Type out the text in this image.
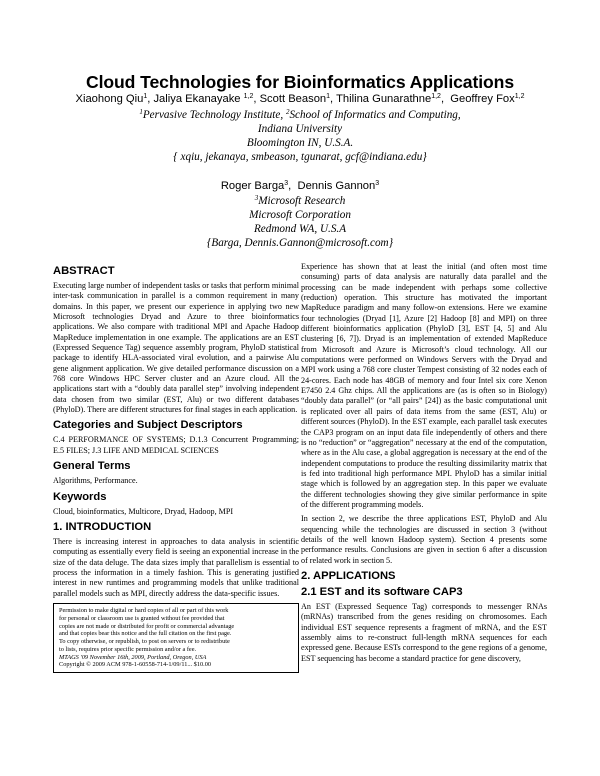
Cloud Technologies for Bioinformatics Applications
Xiaohong Qiu$^1$, Jaliya Ekanayake $^{1,2}$, Scott Beason$^1$, Thilina Gunarathne$^{1,2}$,  Geoffrey Fox$^{1,2}$
$^1$Pervasive Technology Institute, $^2$School of Informatics and Computing,
Indiana University
Bloomington IN, U.S.A.
{ xqiu, jekanaya, smbeason, tgunarat, gcf@indiana.edu}
Roger Barga$^3$,  Dennis Gannon$^3$
$^3$Microsoft Research
Microsoft Corporation
Redmond WA, U.S.A
{Barga, Dennis.Gannon@microsoft.com}
ABSTRACT

Executing large number of independent tasks or tasks that perform minimal inter-task communication in parallel is a common requirement in many domains. In this paper, we present our experience in applying two new Microsoft technologies Dryad and Azure to three bioinformatics applications. We also compare with traditional MPI and Apache Hadoop MapReduce implementation in one example. The applications are an EST (Expressed Sequence Tag) sequence assembly program, PhyloD statistical package to identify HLA-associated viral evolution, and a pairwise Alu gene alignment application. We give detailed performance discussion on a 768 core Windows HPC Server cluster and an Azure cloud. All the applications start with a “doubly data parallel step” involving independent data chosen from two similar (EST, Alu) or two different databases (PhyloD). There are different structures for final stages in each application.

Categories and Subject Descriptors

C.4 PERFORMANCE OF SYSTEMS; D.1.3 Concurrent Programming; E.5 FILES; J.3 LIFE AND MEDICAL SCIENCES

General Terms

Algorithms, Performance.

Keywords

Cloud, bioinformatics, Multicore, Dryad, Hadoop, MPI

1. INTRODUCTION

There is increasing interest in approaches to data analysis in scientific computing as essentially every field is seeing an exponential increase in the size of the data deluge. The data sizes imply that parallelism is essential to process the information in a timely fashion. This is generating justified interest in new runtimes and programming models that unlike traditional parallel models such as MPI, directly address the data-specific issues.

Permission to make digital or hard copies of all or part of this work
for personal or classroom use is granted without fee provided that
copies are not made or distributed for profit or commercial advantage
and that copies bear this notice and the full citation on the first page.
To copy otherwise, or republish, to post on servers or to redistribute
to lists, requires prior specific permission and/or a fee.
MTAGS '09 November 16th, 2009, Portland, Oregon, USA
Copyright © 2009 ACM 978-1-60558-714-1/09/11... $10.00

Experience has shown that at least the initial (and often most time consuming) parts of data analysis are naturally data parallel and the processing can be made independent with perhaps some collective (reduction) operation. This structure has motivated the important MapReduce paradigm and many follow-on extensions. Here we examine four technologies (Dryad [1], Azure [2] Hadoop [8] and MPI) on three different bioinformatics application (PhyloD [3], EST [4, 5] and Alu clustering [6, 7]). Dryad is an implementation of extended MapReduce from Microsoft and Azure is Microsoft’s cloud technology. All our computations were performed on Windows Servers with the Dryad and MPI work using a 768 core cluster Tempest consisting of 32 nodes each of 24-cores. Each node has 48GB of memory and four Intel six core Xenon E7450 2.4 Ghz chips. All the applications are (as is often so in Biology) “doubly data parallel” (or “all pairs” [24]) as the basic computational unit is replicated over all pairs of data items from the same (EST, Alu) or different sources (PhyloD). In the EST example, each parallel task executes the CAP3 program on an input data file independently of others and there is no “reduction” or “aggregation” necessary at the end of the computation, where as in the Alu case, a global aggregation is necessary at the end of the independent computations to produce the resulting dissimilarity matrix that is fed into traditional high performance MPI. PhyloD has a similar initial stage which is followed by an aggregation step. In this paper we evaluate the different technologies showing they give similar performance in spite of the different programming models.

In section 2, we describe the three applications EST, PhyloD and Alu sequencing while the technologies are discussed in section 3 (without details of the well known Hadoop system). Section 4 presents some performance results. Conclusions are given in section 6 after a discussion of related work in section 5.

2. APPLICATIONS
2.1 EST and its software CAP3

An EST (Expressed Sequence Tag) corresponds to messenger RNAs (mRNAs) transcribed from the genes residing on chromosomes. Each individual EST sequence represents a fragment of mRNA, and the EST assembly aims to re-construct full-length mRNA sequences for each expressed gene. Because ESTs correspond to the gene regions of a genome, EST sequencing has become a standard practice for gene discovery,
